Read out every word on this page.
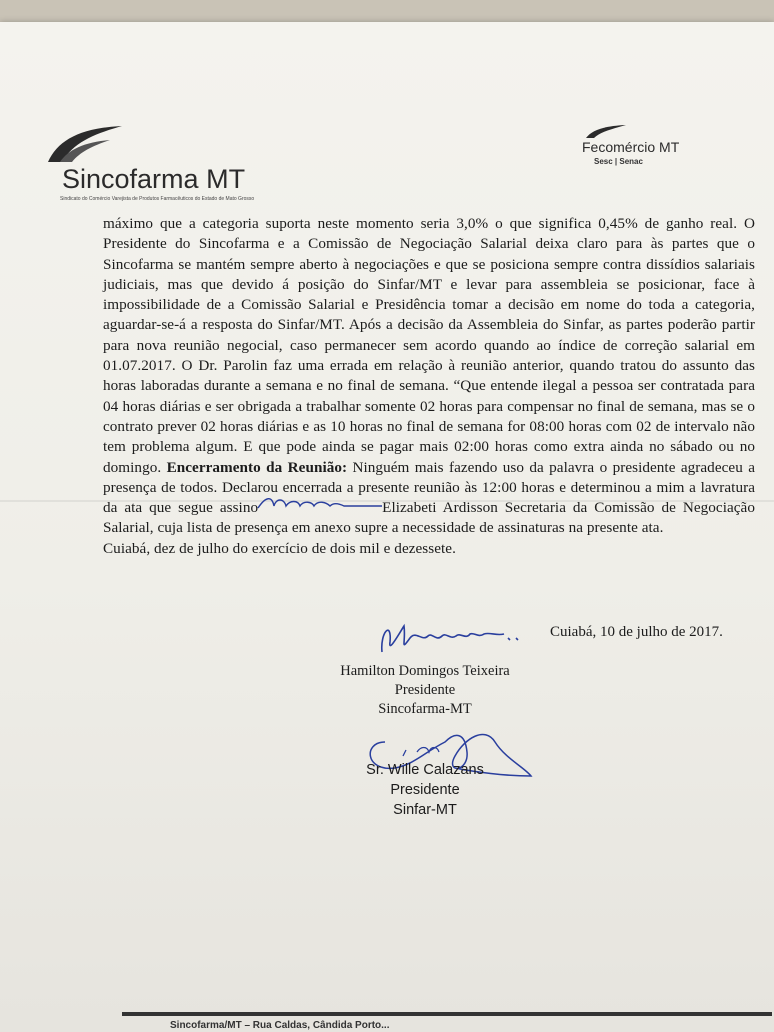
Sincofarma MT
Sindicato do Comércio Varejista de Produtos Farmacêuticos do Estado de Mato Grosso
Fecomércio MT
Sesc | Senac

máximo que a categoria suporta neste momento seria 3,0% o que significa 0,45% de ganho real. O Presidente do Sincofarma e a Comissão de Negociação Salarial deixa claro para às partes que o Sincofarma se mantém sempre aberto à negociações e que se posiciona sempre contra dissídios salariais judiciais, mas que devido á posição do Sinfar/MT e levar para assembleia se posicionar, face à impossibilidade de a Comissão Salarial e Presidência tomar a decisão em nome do toda a categoria, aguardar-se-á a resposta do Sinfar/MT. Após a decisão da Assembleia do Sinfar, as partes poderão partir para nova reunião negocial, caso permanecer sem acordo quando ao índice de correção salarial em 01.07.2017. O Dr. Parolin faz uma errada em relação à reunião anterior, quando tratou do assunto das horas laboradas durante a semana e no final de semana. “Que entende ilegal a pessoa ser contratada para 04 horas diárias e ser obrigada a trabalhar somente 02 horas para compensar no final de semana, mas se o contrato prever 02 horas diárias e as 10 horas no final de semana for 08:00 horas com 02 de intervalo não tem problema algum. E que pode ainda se pagar mais 02:00 horas como extra ainda no sábado ou no domingo. Encerramento da Reunião: Ninguém mais fazendo uso da palavra o presidente agradeceu a presença de todos. Declarou encerrada a presente reunião às 12:00 horas e determinou a mim a lavratura da ata que segue assino	Elizabeti Ardisson Secretaria da Comissão de Negociação Salarial, cuja lista de presença em anexo supre a necessidade de assinaturas na presente ata.
Cuiabá, dez de julho do exercício de dois mil e dezessete.

Cuiabá, 10 de julho de 2017.
Hamilton Domingos Teixeira
Presidente
Sincofarma-MT
Sr. Wille Calazans
Presidente
Sinfar-MT
Sincofarma/MT – Rua Caldas, Cândida Porto...
